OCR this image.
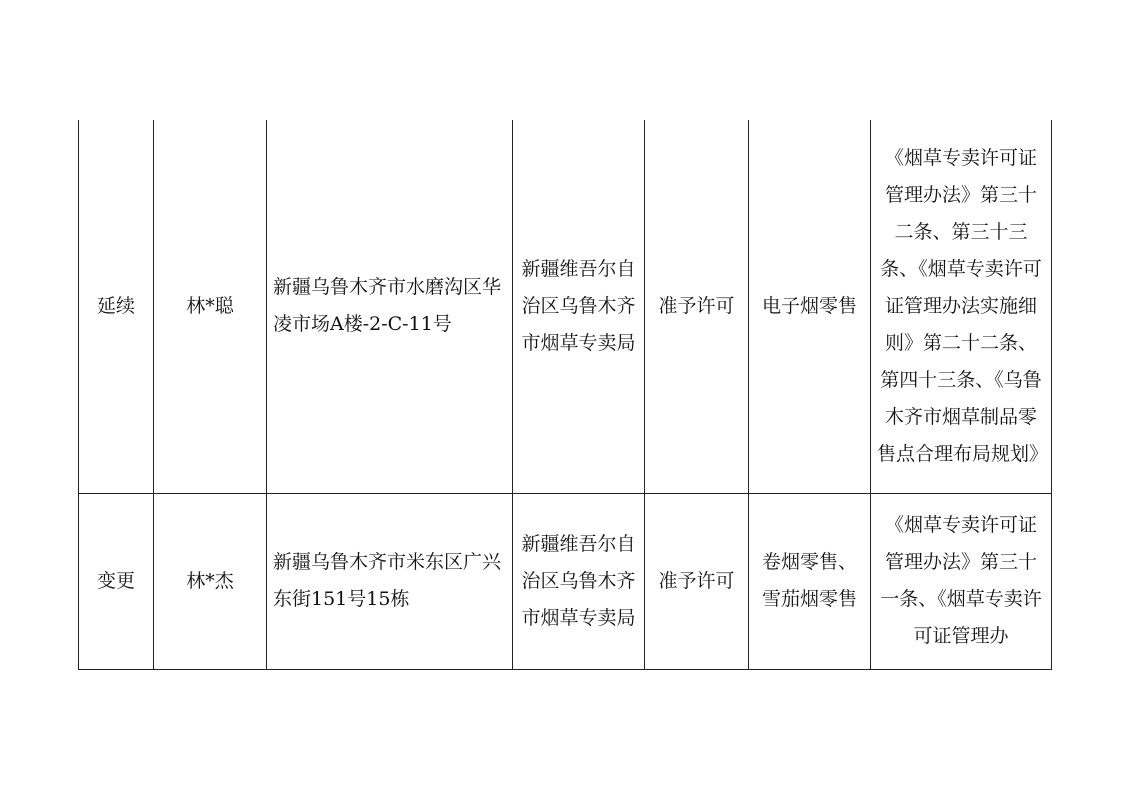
延续	林*聪	新疆乌鲁木齐市水磨沟区华凌市场A楼-2-C-11号	新疆维吾尔自治区乌鲁木齐市烟草专卖局	准予许可	电子烟零售	《烟草专卖许可证管理办法》第三十二条、第三十三条、《烟草专卖许可证管理办法实施细则》第二十二条、第四十三条、《乌鲁木齐市烟草制品零售点合理布局规划》
变更	林*杰	新疆乌鲁木齐市米东区广兴东街151号15栋	新疆维吾尔自治区乌鲁木齐市烟草专卖局	准予许可	卷烟零售、雪茄烟零售	《烟草专卖许可证管理办法》第三十一条、《烟草专卖许可证管理办
